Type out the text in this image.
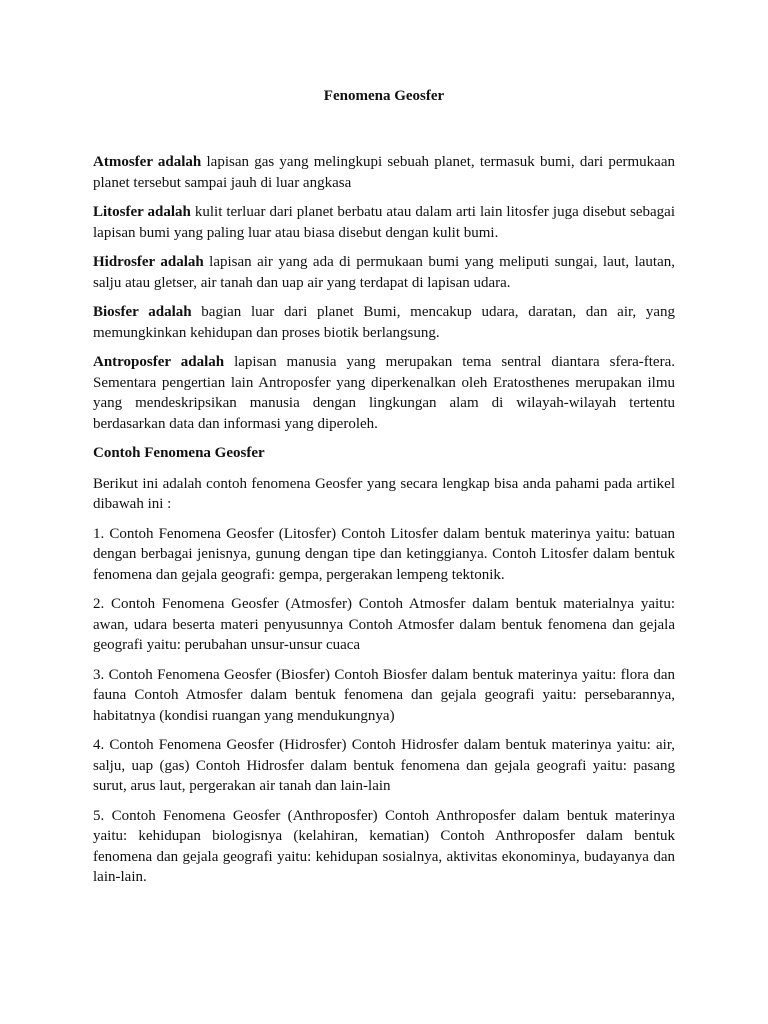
Fenomena Geosfer

Atmosfer adalah lapisan gas yang melingkupi sebuah planet, termasuk bumi, dari permukaan planet tersebut sampai jauh di luar angkasa

Litosfer adalah kulit terluar dari planet berbatu atau dalam arti lain litosfer juga disebut sebagai lapisan bumi yang paling luar atau biasa disebut dengan kulit bumi.

Hidrosfer adalah lapisan air yang ada di permukaan bumi yang meliputi sungai, laut, lautan, salju atau gletser, air tanah dan uap air yang terdapat di lapisan udara.

Biosfer adalah bagian luar dari planet Bumi, mencakup udara, daratan, dan air, yang memungkinkan kehidupan dan proses biotik berlangsung.

Antroposfer adalah lapisan manusia yang merupakan tema sentral diantara sfera-ftera. Sementara pengertian lain Antroposfer yang diperkenalkan oleh Eratosthenes merupakan ilmu yang mendeskripsikan manusia dengan lingkungan alam di wilayah-wilayah tertentu berdasarkan data dan informasi yang diperoleh.

Contoh Fenomena Geosfer

Berikut ini adalah contoh fenomena Geosfer yang secara lengkap bisa anda pahami pada artikel dibawah ini :

1. Contoh Fenomena Geosfer (Litosfer) Contoh Litosfer dalam bentuk materinya yaitu: batuan dengan berbagai jenisnya, gunung dengan tipe dan ketinggianya. Contoh Litosfer dalam bentuk fenomena dan gejala geografi: gempa, pergerakan lempeng tektonik.

2. Contoh Fenomena Geosfer (Atmosfer) Contoh Atmosfer dalam bentuk materialnya yaitu: awan, udara beserta materi penyusunnya Contoh Atmosfer dalam bentuk fenomena dan gejala geografi yaitu: perubahan unsur-unsur cuaca

3. Contoh Fenomena Geosfer (Biosfer) Contoh Biosfer dalam bentuk materinya yaitu: flora dan fauna Contoh Atmosfer dalam bentuk fenomena dan gejala geografi yaitu: persebarannya, habitatnya (kondisi ruangan yang mendukungnya)

4. Contoh Fenomena Geosfer (Hidrosfer) Contoh Hidrosfer dalam bentuk materinya yaitu: air, salju, uap (gas) Contoh Hidrosfer dalam bentuk fenomena dan gejala geografi yaitu: pasang surut, arus laut, pergerakan air tanah dan lain-lain

5. Contoh Fenomena Geosfer (Anthroposfer) Contoh Anthroposfer dalam bentuk materinya yaitu: kehidupan biologisnya (kelahiran, kematian) Contoh Anthroposfer dalam bentuk fenomena dan gejala geografi yaitu: kehidupan sosialnya, aktivitas ekonominya, budayanya dan lain-lain.
